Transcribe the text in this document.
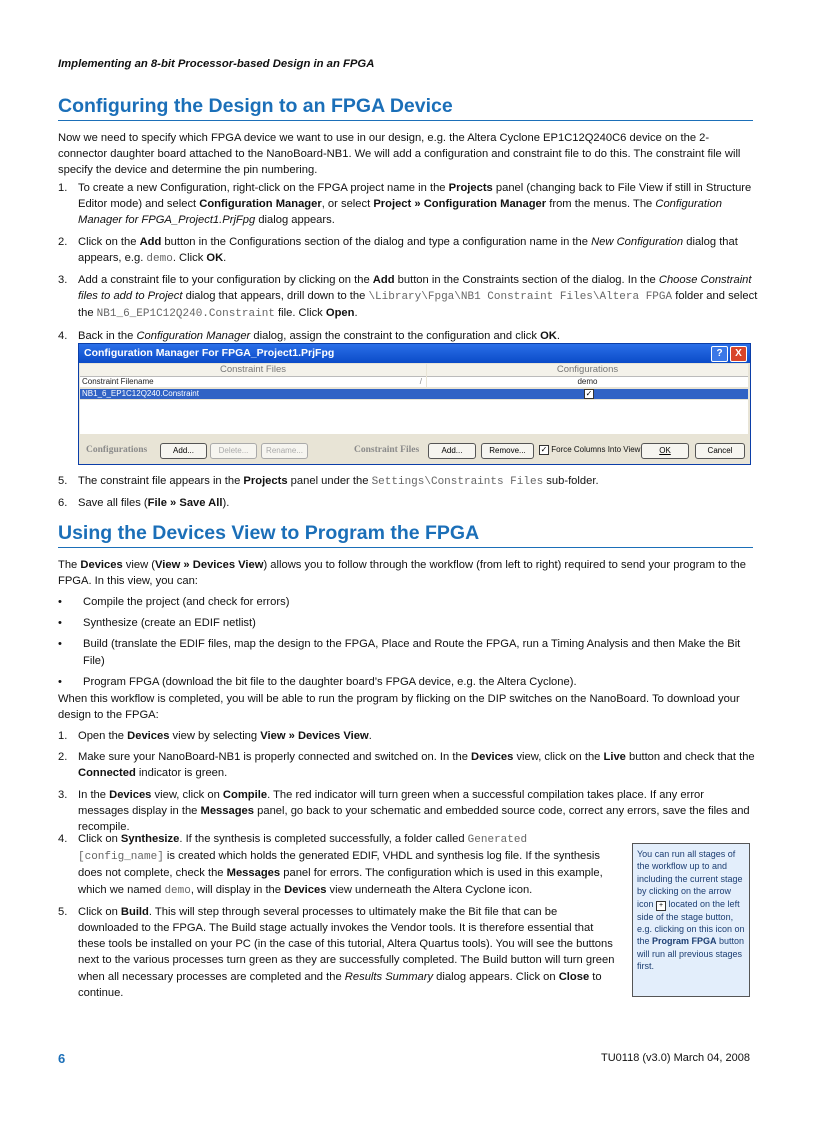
Implementing an 8-bit Processor-based Design in an FPGA
Configuring the Design to an FPGA Device
Now we need to specify which FPGA device we want to use in our design, e.g. the Altera Cyclone EP1C12Q240C6 device on the 2-connector daughter board attached to the NanoBoard-NB1. We will add a configuration and constraint file to do this. The constraint file will specify the device and determine the pin numbering.
1. To create a new Configuration, right-click on the FPGA project name in the Projects panel (changing back to File View if still in Structure Editor mode) and select Configuration Manager, or select Project » Configuration Manager from the menus. The Configuration Manager for FPGA_Project1.PrjFpg dialog appears.
2. Click on the Add button in the Configurations section of the dialog and type a configuration name in the New Configuration dialog that appears, e.g. demo. Click OK.
3. Add a constraint file to your configuration by clicking on the Add button in the Constraints section of the dialog. In the Choose Constraint files to add to Project dialog that appears, drill down to the \Library\Fpga\NB1 Constraint Files\Altera FPGA folder and select the NB1_6_EP1C12Q240.Constraint file. Click Open.
4. Back in the Configuration Manager dialog, assign the constraint to the configuration and click OK.
Configuration Manager For FPGA_Project1.PrjFpg	?	X
Constraint Files	Configurations
Constraint Filename	/	demo
NB1_6_EP1C12Q240.Constraint	✓
Configurations	Add...	Delete...	Rename...	Constraint Files	Add...	Remove...	✓ Force Columns Into View	OK	Cancel
5. The constraint file appears in the Projects panel under the Settings\Constraints Files sub-folder.
6. Save all files (File » Save All).
Using the Devices View to Program the FPGA
The Devices view (View » Devices View) allows you to follow through the workflow (from left to right) required to send your program to the FPGA. In this view, you can:
• Compile the project (and check for errors)
• Synthesize (create an EDIF netlist)
• Build (translate the EDIF files, map the design to the FPGA, Place and Route the FPGA, run a Timing Analysis and then Make the Bit File)
• Program FPGA (download the bit file to the daughter board’s FPGA device, e.g. the Altera Cyclone).
When this workflow is completed, you will be able to run the program by flicking on the DIP switches on the NanoBoard. To download your design to the FPGA:
1. Open the Devices view by selecting View » Devices View.
2. Make sure your NanoBoard-NB1 is properly connected and switched on. In the Devices view, click on the Live button and check that the Connected indicator is green.
3. In the Devices view, click on Compile. The red indicator will turn green when a successful compilation takes place. If any error messages display in the Messages panel, go back to your schematic and embedded source code, correct any errors, save the files and recompile.
4. Click on Synthesize. If the synthesis is completed successfully, a folder called Generated [config_name] is created which holds the generated EDIF, VHDL and synthesis log file. If the synthesis does not complete, check the Messages panel for errors. The configuration which is used in this example, which we named demo, will display in the Devices view underneath the Altera Cyclone icon.
5. Click on Build. This will step through several processes to ultimately make the Bit file that can be downloaded to the FPGA. The Build stage actually invokes the Vendor tools. It is therefore essential that these tools be installed on your PC (in the case of this tutorial, Altera Quartus tools). You will see the buttons next to the various processes turn green as they are successfully completed. The Build button will turn green when all necessary processes are completed and the Results Summary dialog appears. Click on Close to continue.
You can run all stages of the workflow up to and including the current stage by clicking on the arrow icon + located on the left side of the stage button, e.g. clicking on this icon on the Program FPGA button will run all previous stages first.
6	TU0118 (v3.0) March 04, 2008
